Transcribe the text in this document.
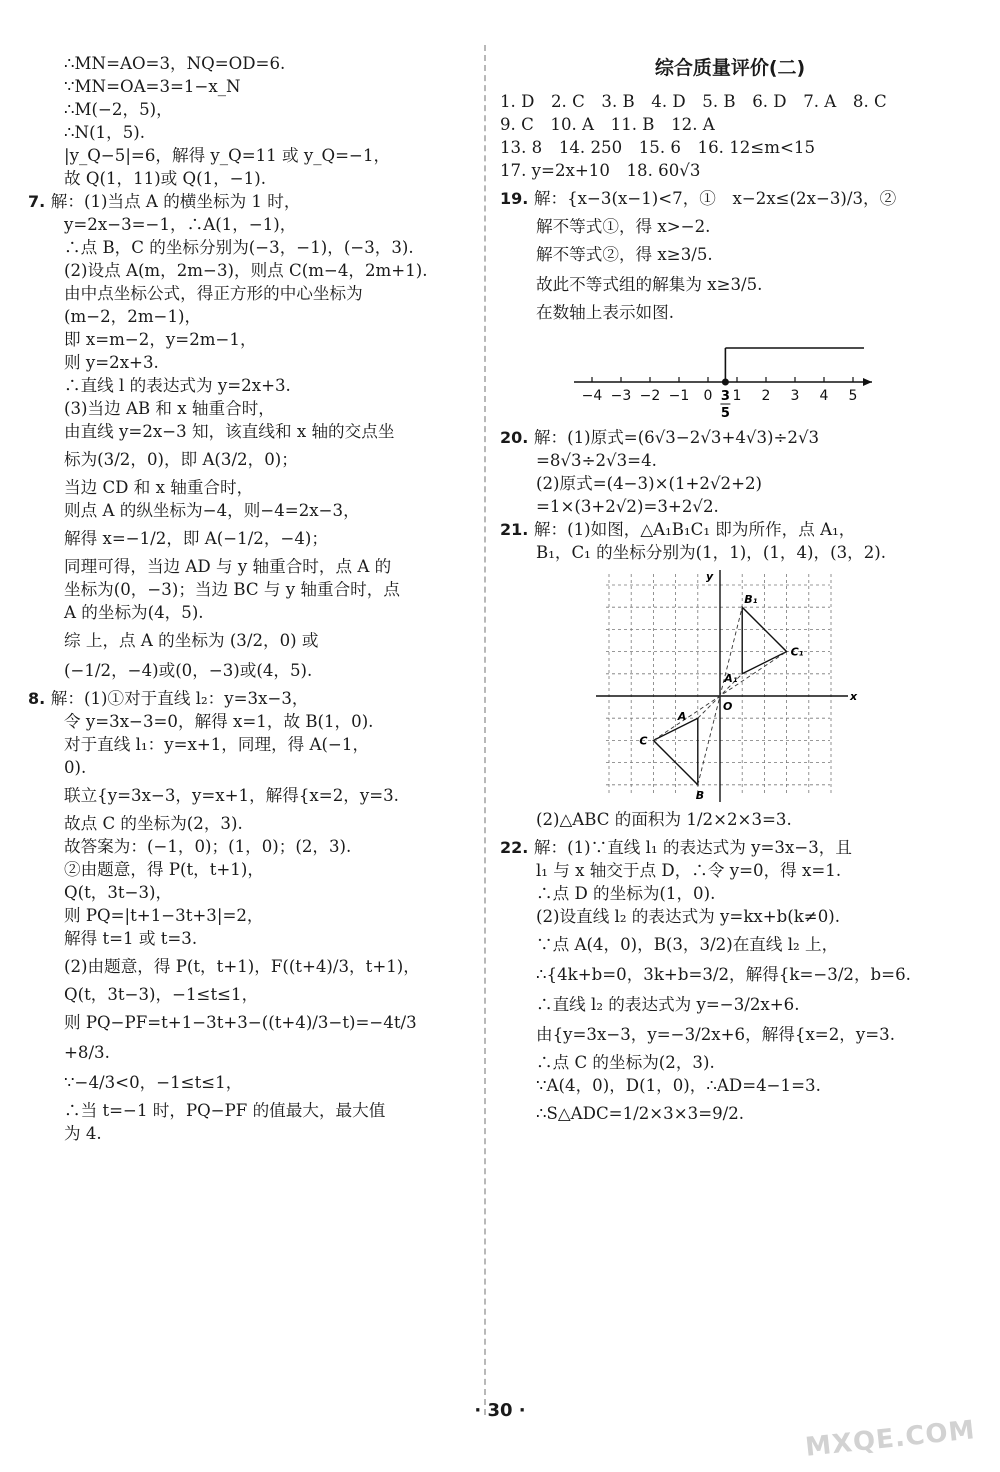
∴MN=AO=3，NQ=OD=6.
∵MN=OA=3=1−x_N
∴M(−2，5)，
∴N(1，5).
|y_Q−5|=6，解得 y_Q=11 或 y_Q=−1，
故 Q(1，11)或 Q(1，−1).
7. 解：(1)当点 A 的横坐标为 1 时，
y=2x−3=−1，∴A(1，−1)，
∴点 B，C 的坐标分别为(−3，−1)，(−3，3).
(2)设点 A(m，2m−3)，则点 C(m−4，2m+1).
由中点坐标公式，得正方形的中心坐标为
(m−2，2m−1)，
即 x=m−2，y=2m−1，
则 y=2x+3.
∴直线 l 的表达式为 y=2x+3.
(3)当边 AB 和 x 轴重合时，
由直线 y=2x−3 知，该直线和 x 轴的交点坐
标为(3/2，0)，即 A(3/2，0)；
当边 CD 和 x 轴重合时，
则点 A 的纵坐标为−4，则−4=2x−3，
解得 x=−1/2，即 A(−1/2，−4)；
同理可得，当边 AD 与 y 轴重合时，点 A 的
坐标为(0，−3)；当边 BC 与 y 轴重合时，点
A 的坐标为(4，5).
综 上，点 A 的坐标为 (3/2，0) 或
(−1/2，−4)或(0，−3)或(4，5).
8. 解：(1)①对于直线 l₂：y=3x−3，
令 y=3x−3=0，解得 x=1，故 B(1，0).
对于直线 l₁：y=x+1，同理，得 A(−1，
0).
联立{y=3x−3，y=x+1，解得{x=2，y=3.
故点 C 的坐标为(2，3).
故答案为：(−1，0)；(1，0)；(2，3).
②由题意，得 P(t，t+1)，
Q(t，3t−3)，
则 PQ=|t+1−3t+3|=2，
解得 t=1 或 t=3.
(2)由题意，得 P(t，t+1)，F((t+4)/3，t+1)，
Q(t，3t−3)，−1≤t≤1，
则 PQ−PF=t+1−3t+3−((t+4)/3−t)=−4t/3
+8/3.
∵−4/3<0，−1≤t≤1，
∴当 t=−1 时，PQ−PF 的值最大，最大值
为 4.
综合质量评价(二)
1. D　2. C　3. B　4. D　5. B　6. D　7. A　8. C
9. C　10. A　11. B　12. A
13. 8　14. 250　15. 6　16. 12≤m<15
17. y=2x+10　18. 60√3
19. 解：{x−3(x−1)<7，①　x−2x≤(2x−3)/3，②
解不等式①，得 x>−2.
解不等式②，得 x≥3/5.
故此不等式组的解集为 x≥3/5.
在数轴上表示如图.
−4 −3 −2 −1 0 1 2 3 4 5
3
5
20. 解：(1)原式=(6√3−2√3+4√3)÷2√3
=8√3÷2√3=4.
(2)原式=(4−3)×(1+2√2+2)
=1×(3+2√2)=3+2√2.
21. 解：(1)如图，△A₁B₁C₁ 即为所作，点 A₁，
B₁，C₁ 的坐标分别为(1，1)，(1，4)，(3，2).
x
y
O
A₁
B₁
C₁
A
B
C
(2)△ABC 的面积为 1/2×2×3=3.
22. 解：(1)∵直线 l₁ 的表达式为 y=3x−3，且
l₁ 与 x 轴交于点 D，∴令 y=0，得 x=1.
∴点 D 的坐标为(1，0).
(2)设直线 l₂ 的表达式为 y=kx+b(k≠0).
∵点 A(4，0)，B(3，3/2)在直线 l₂ 上，
∴{4k+b=0，3k+b=3/2，解得{k=−3/2，b=6.
∴直线 l₂ 的表达式为 y=−3/2x+6.
由{y=3x−3，y=−3/2x+6，解得{x=2，y=3.
∴点 C 的坐标为(2，3).
∵A(4，0)，D(1，0)，∴AD=4−1=3.
∴S△ADC=1/2×3×3=9/2.
· 30 ·
MXQE.COM
